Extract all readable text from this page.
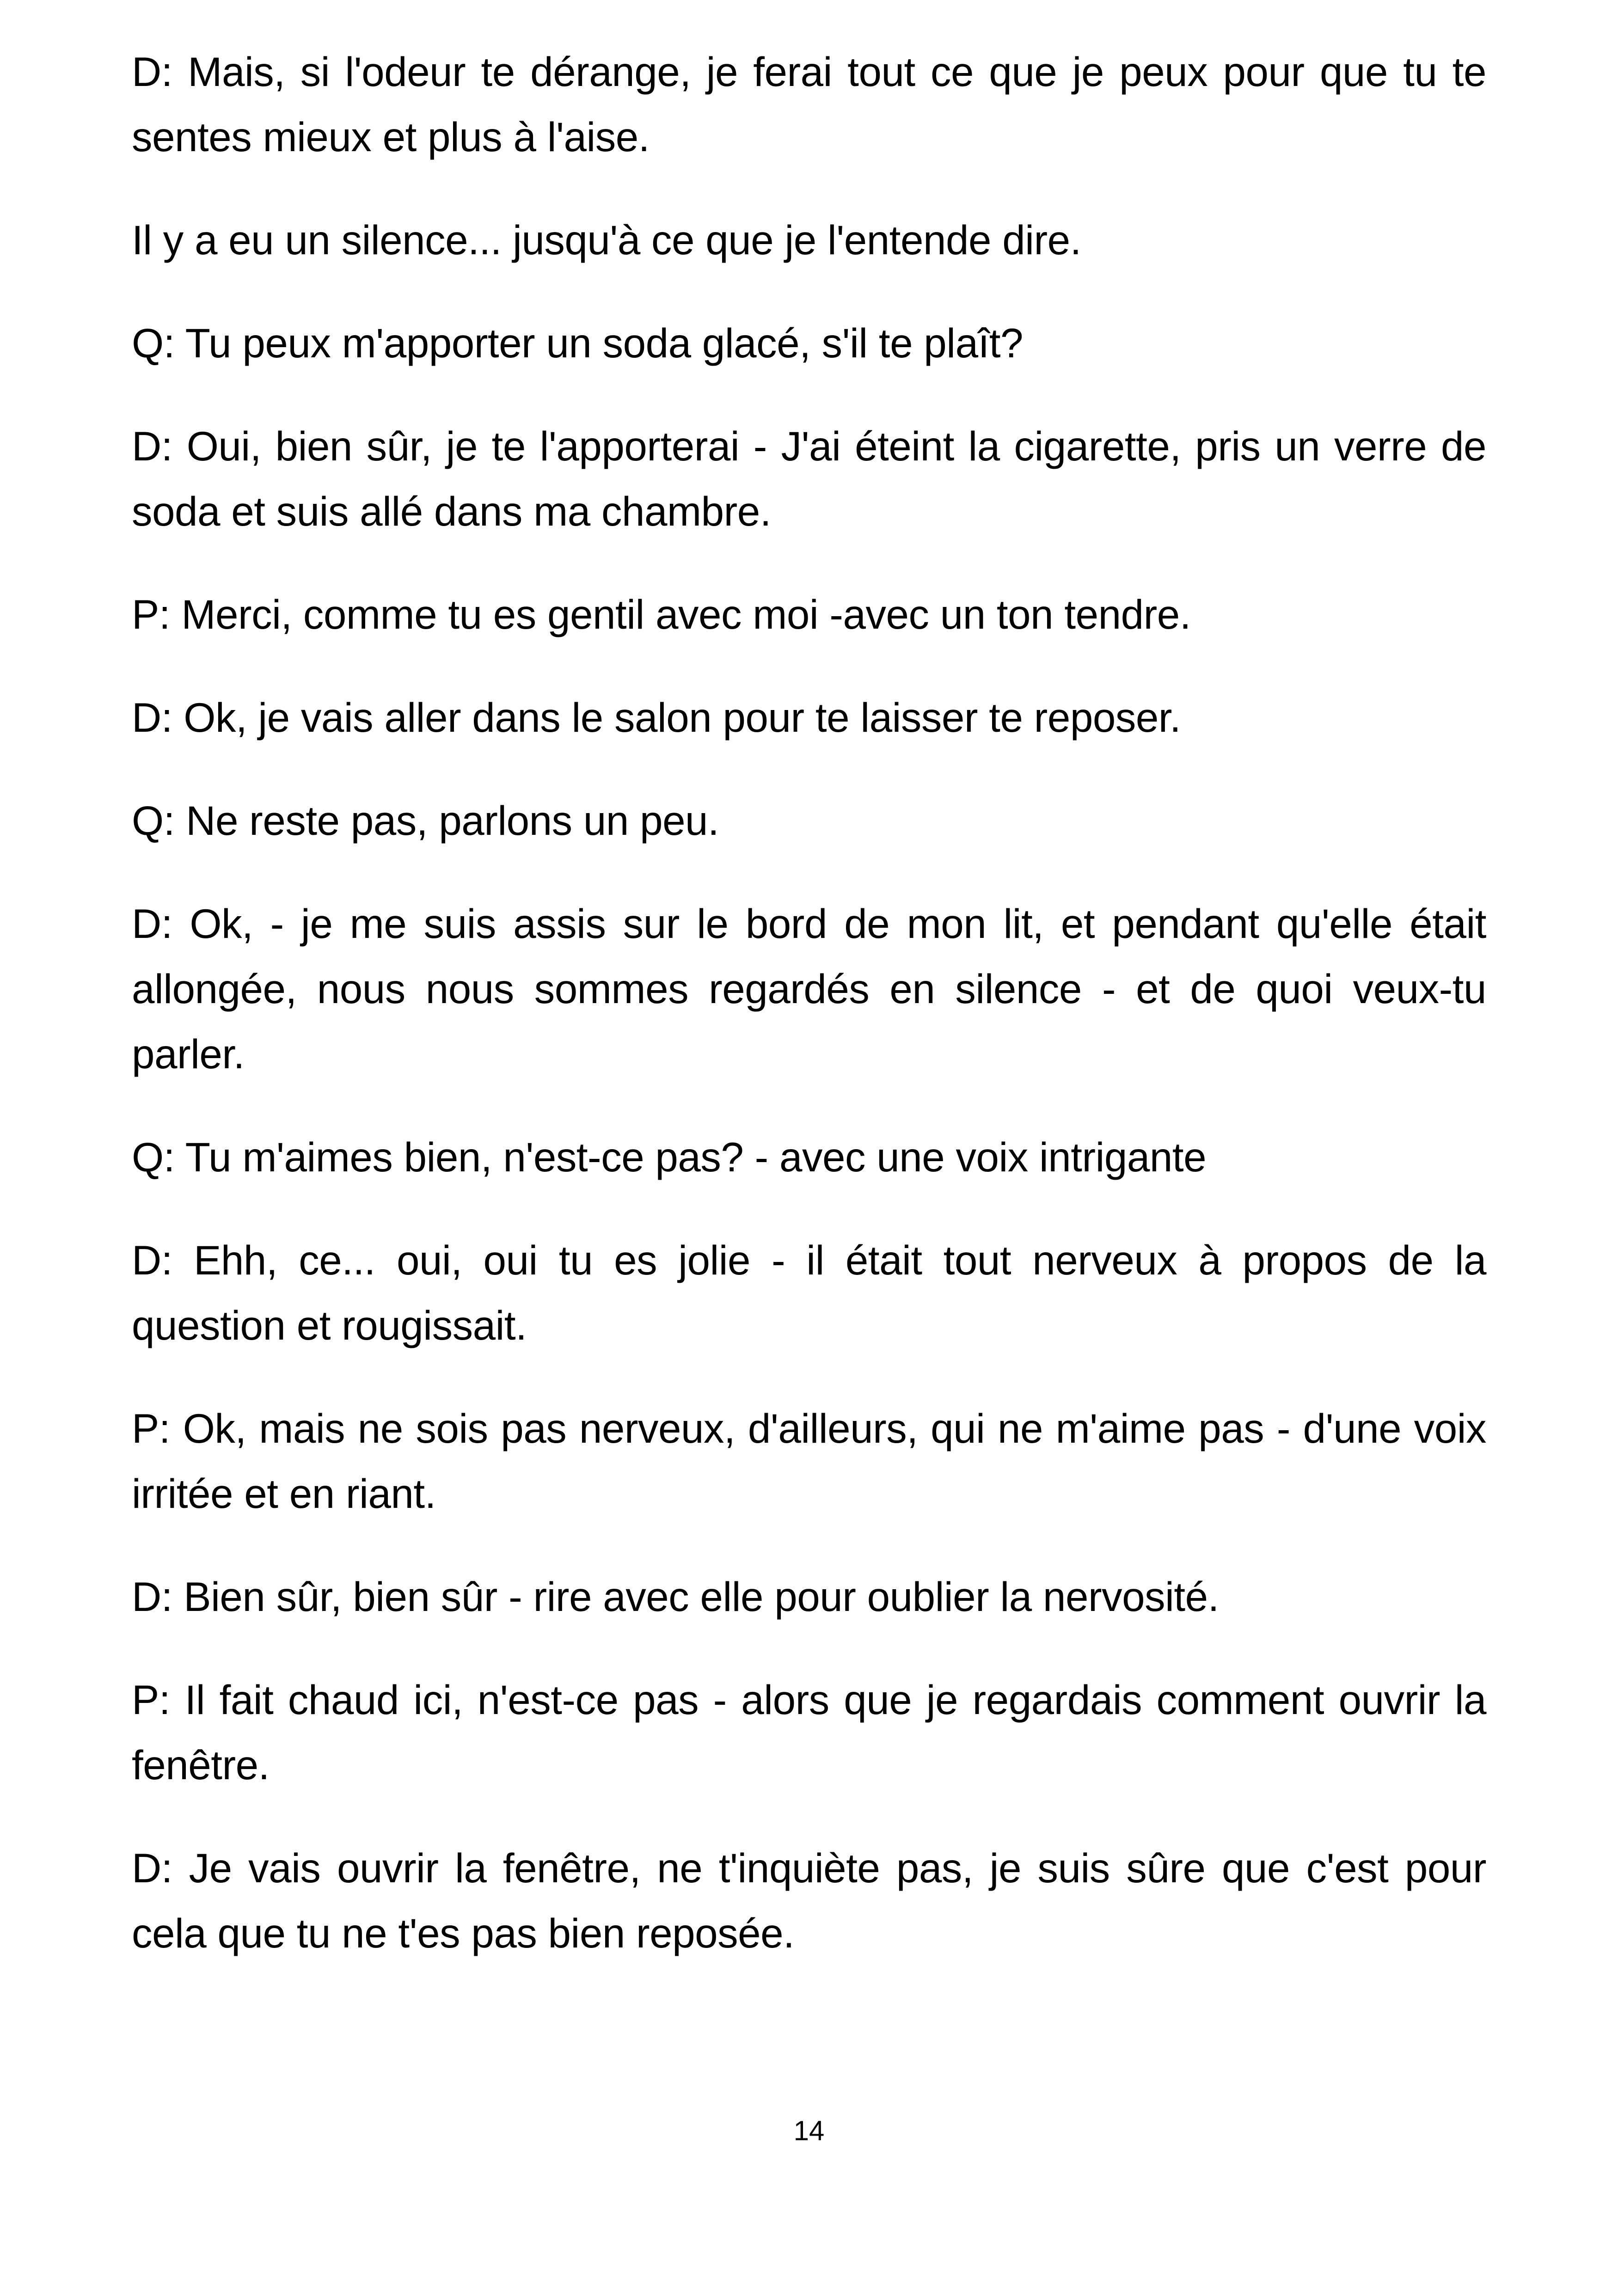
D: Mais, si l'odeur te dérange, je ferai tout ce que je peux pour que tu te sentes mieux et plus à l'aise.

Il y a eu un silence... jusqu'à ce que je l'entende dire.

Q: Tu peux m'apporter un soda glacé, s'il te plaît?

D: Oui, bien sûr, je te l'apporterai - J'ai éteint la cigarette, pris un verre de soda et suis allé dans ma chambre.

P: Merci, comme tu es gentil avec moi -avec un ton tendre.

D: Ok, je vais aller dans le salon pour te laisser te reposer.

Q: Ne reste pas, parlons un peu.

D: Ok, - je me suis assis sur le bord de mon lit, et pendant qu'elle était allongée, nous nous sommes regardés en silence - et de quoi veux-tu parler.

Q: Tu m'aimes bien, n'est-ce pas? - avec une voix intrigante

D: Ehh, ce... oui, oui tu es jolie - il était tout nerveux à propos de la question et rougissait.

P: Ok, mais ne sois pas nerveux, d'ailleurs, qui ne m'aime pas - d'une voix irritée et en riant.

D: Bien sûr, bien sûr - rire avec elle pour oublier la nervosité.

P: Il fait chaud ici, n'est-ce pas - alors que je regardais comment ouvrir la fenêtre.

D: Je vais ouvrir la fenêtre, ne t'inquiète pas, je suis sûre que c'est pour cela que tu ne t'es pas bien reposée.

14
